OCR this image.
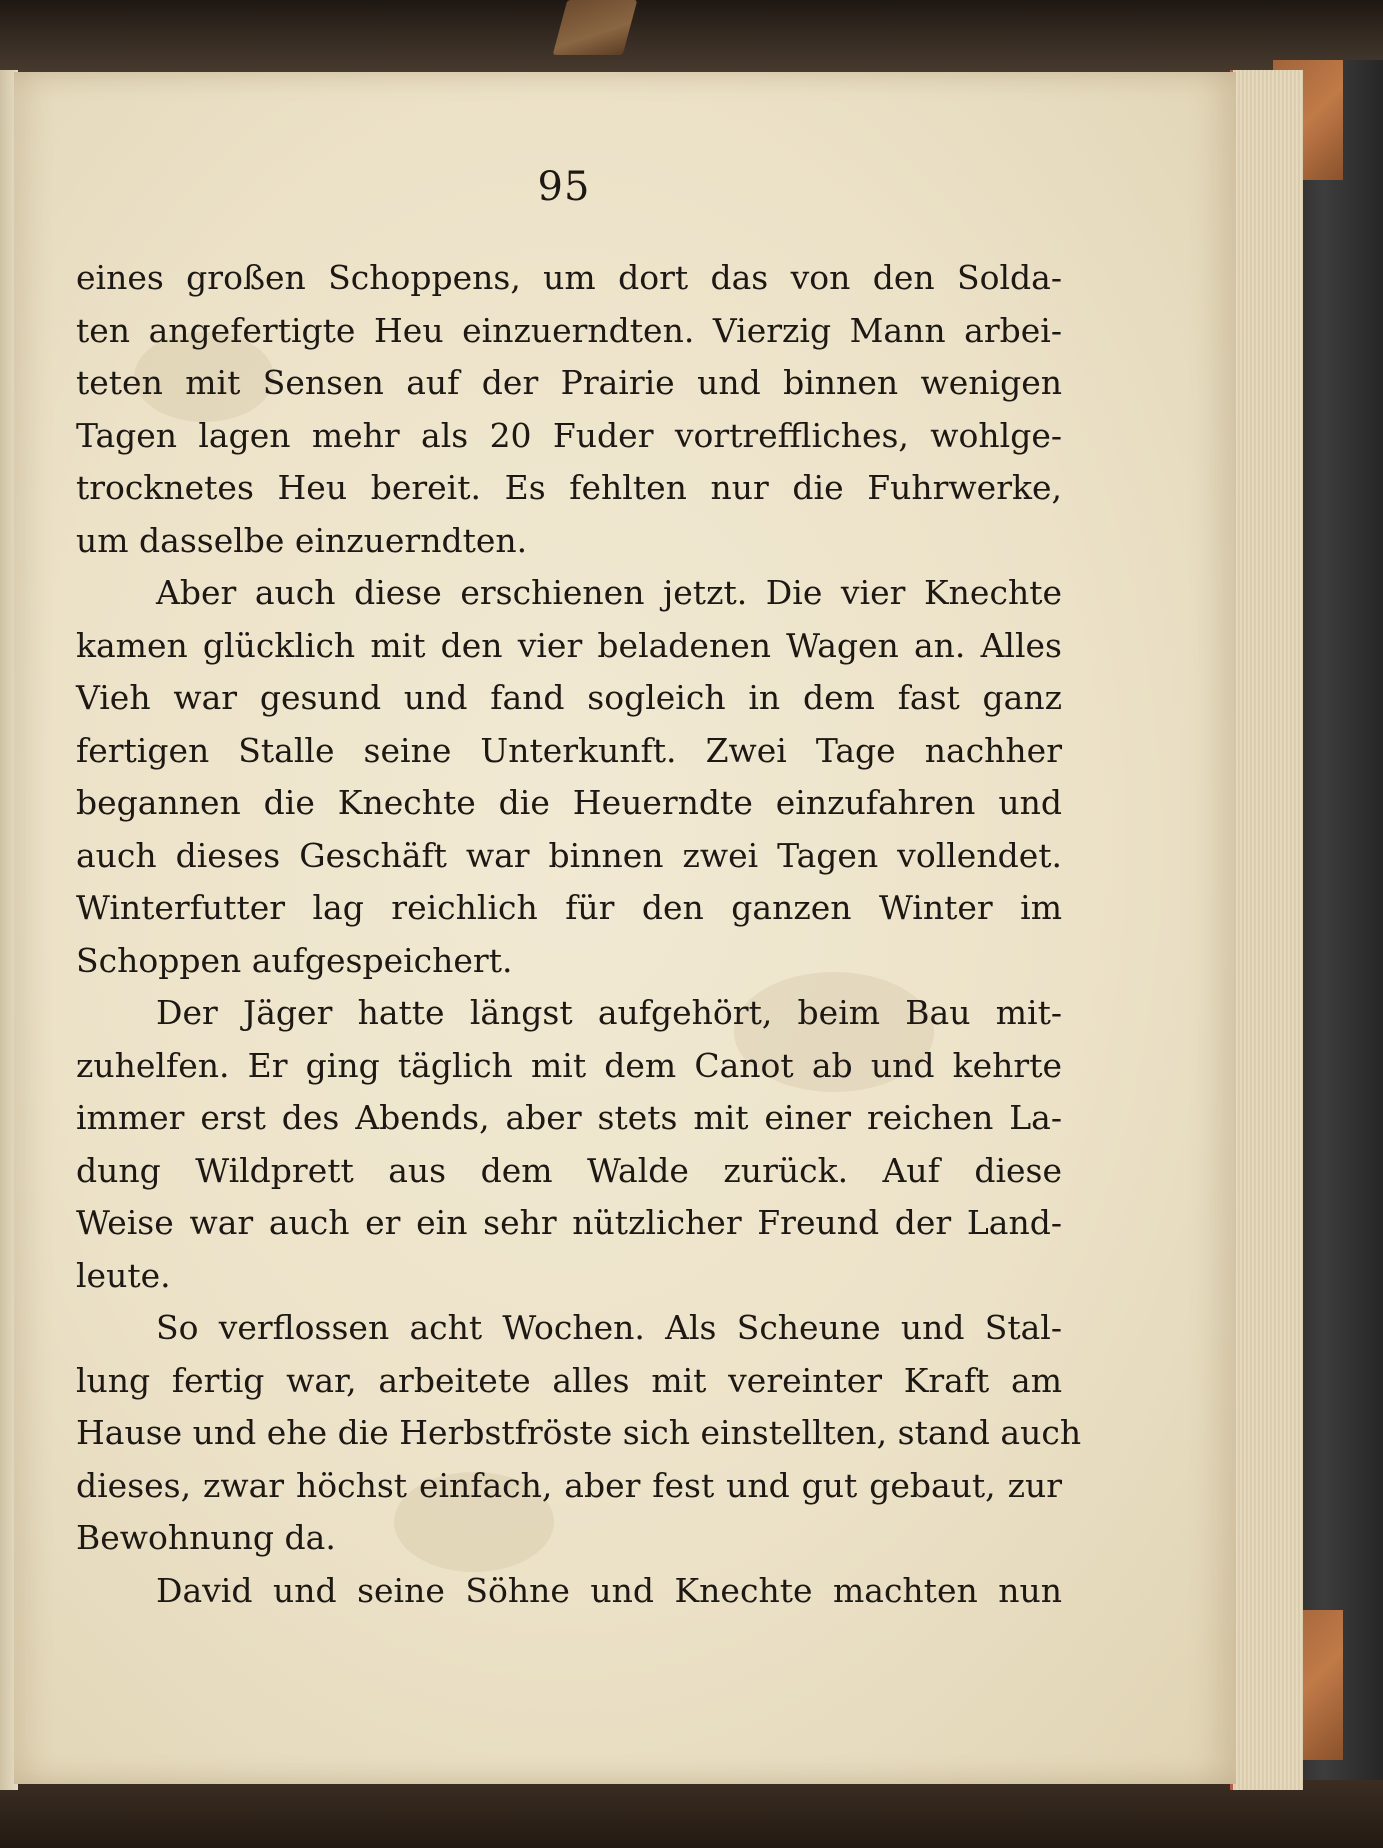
95
eines großen Schoppens, um dort das von den Solda-
ten angefertigte Heu einzuerndten. Vierzig Mann arbei-
teten mit Sensen auf der Prairie und binnen wenigen
Tagen lagen mehr als 20 Fuder vortreffliches, wohlge-
trocknetes Heu bereit. Es fehlten nur die Fuhrwerke,
um dasselbe einzuerndten.
Aber auch diese erschienen jetzt. Die vier Knechte
kamen glücklich mit den vier beladenen Wagen an. Alles
Vieh war gesund und fand sogleich in dem fast ganz
fertigen Stalle seine Unterkunft. Zwei Tage nachher
begannen die Knechte die Heuerndte einzufahren und
auch dieses Geschäft war binnen zwei Tagen vollendet.
Winterfutter lag reichlich für den ganzen Winter im
Schoppen aufgespeichert.
Der Jäger hatte längst aufgehört, beim Bau mit-
zuhelfen. Er ging täglich mit dem Canot ab und kehrte
immer erst des Abends, aber stets mit einer reichen La-
dung Wildprett aus dem Walde zurück. Auf diese
Weise war auch er ein sehr nützlicher Freund der Land-
leute.
So verflossen acht Wochen. Als Scheune und Stal-
lung fertig war, arbeitete alles mit vereinter Kraft am
Hause und ehe die Herbstfröste sich einstellten, stand auch
dieses, zwar höchst einfach, aber fest und gut gebaut, zur
Bewohnung da.
David und seine Söhne und Knechte machten nun
